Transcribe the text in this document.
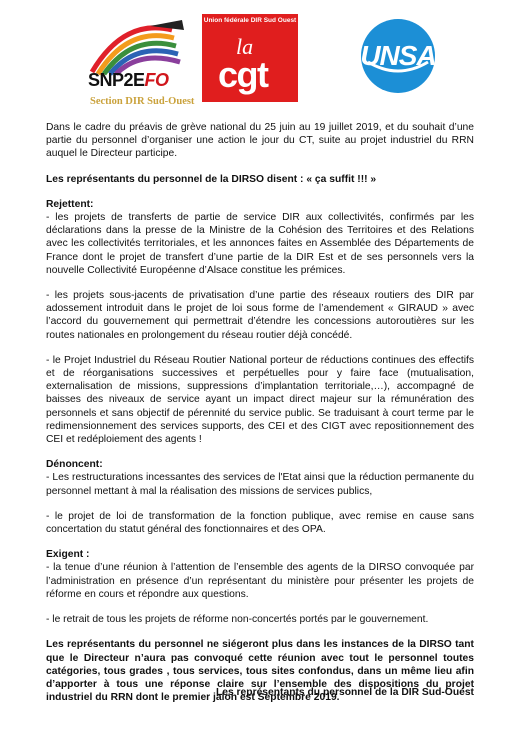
SNP2EFO
Section DIR Sud-Ouest
Union fédérale DIR Sud Ouest
la
cgt	UNSA

Dans le cadre du préavis de grève national du 25 juin au 19 juillet 2019, et du souhait d’une partie du personnel d’organiser une action le jour du CT, suite au projet industriel du RRN auquel le Directeur participe.

Les représentants du personnel de la DIRSO disent : « ça suffit !!! »

Rejettent:

- les projets de transferts de partie de service DIR aux collectivités, confirmés par les déclarations dans la presse de la Ministre de la Cohésion des Territoires et des Relations avec les collectivités territoriales, et les annonces faites en Assemblée des Départements de France dont le projet de transfert d’une partie de la DIR Est et de ses personnels vers la nouvelle Collectivité Européenne d’Alsace constitue les prémices.

- les projets sous-jacents de privatisation d’une partie des réseaux routiers des DIR par adossement introduit dans le projet de loi sous forme de l’amendement « GIRAUD » avec l’accord du gouvernement qui permettrait d’étendre les concessions autoroutières sur les routes nationales en prolongement du réseau routier déjà concédé.

- le Projet Industriel du Réseau Routier National porteur de réductions continues des effectifs et de réorganisations successives et perpétuelles pour y faire face (mutualisation, externalisation de missions, suppressions d’implantation territoriale,…), accompagné de baisses des niveaux de service ayant un impact direct majeur sur la rémunération des personnels et sans objectif de pérennité du service public. Se traduisant à court terme par le redimensionnement des services supports, des CEI et des CIGT avec repositionnement des CEI et redéploiement des agents !

Dénoncent:

- Les restructurations incessantes des services de l'Etat ainsi que la réduction permanente du personnel mettant à mal la réalisation des missions de services publics,

- le projet de loi de transformation de la fonction publique, avec remise en cause sans concertation du statut général des fonctionnaires et des OPA.

Exigent :

- la tenue d’une réunion à l’attention de l’ensemble des agents de la DIRSO convoquée par l’administration en présence d’un représentant du ministère pour présenter les projets de réforme en cours et répondre aux questions.

- le retrait de tous les projets de réforme non-concertés portés par le gouvernement.

Les représentants du personnel ne siégeront plus dans les instances de la DIRSO tant que le Directeur n’aura pas convoqué cette réunion avec tout le personnel toutes catégories, tous grades , tous services, tous sites confondus, dans un même lieu afin d’apporter à tous une réponse claire sur l’ensemble des dispositions du projet industriel du RRN dont le premier jalon est Septembre 2019.

Les représentants du personnel de la DIR Sud-Ouest
